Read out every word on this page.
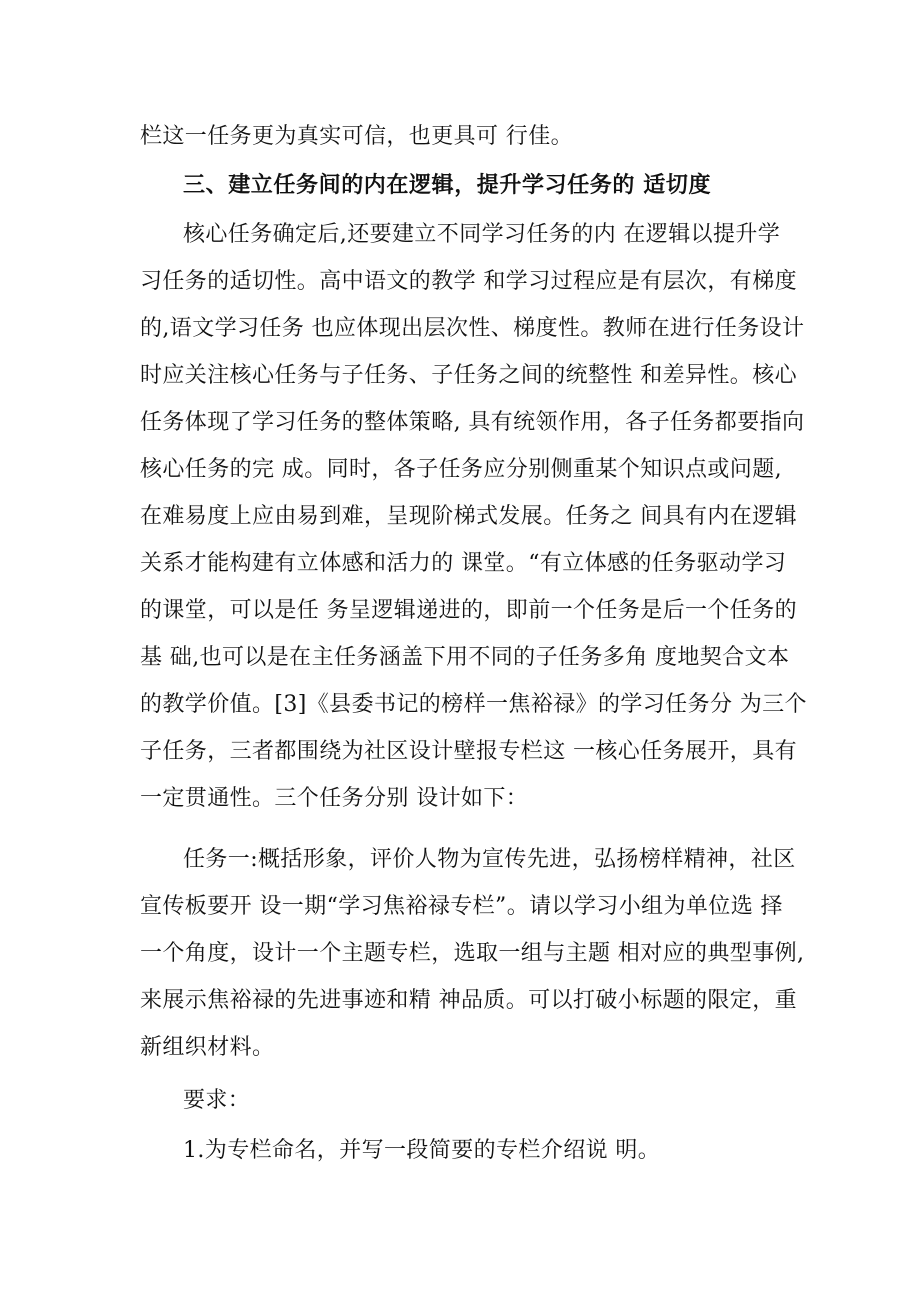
栏这一任务更为真实可信，也更具可 行佳。
三、建立任务间的内在逻辑，提升学习任务的 适切度
核心任务确定后,还要建立不同学习任务的内 在逻辑以提升学
习任务的适切性。高中语文的教学 和学习过程应是有层次，有梯度
的,语文学习任务 也应体现出层次性、梯度性。教师在进行任务设计
时应关注核心任务与子任务、子任务之间的统整性 和差异性。核心
任务体现了学习任务的整体策略, 具有统领作用，各子任务都要指向
核心任务的完 成。同时，各子任务应分别侧重某个知识点或问题,
在难易度上应由易到难，呈现阶梯式发展。任务之 间具有内在逻辑
关系才能构建有立体感和活力的 课堂。“有立体感的任务驱动学习
的课堂，可以是任 务呈逻辑递进的，即前一个任务是后一个任务的
基 础,也可以是在主任务涵盖下用不同的子任务多角 度地契合文本
的教学价值。[3]《县委书记的榜样一焦裕禄》的学习任务分 为三个
子任务，三者都围绕为社区设计壁报专栏这 一核心任务展开，具有
一定贯通性。三个任务分别 设计如下：
任务一:概括形象，评价人物为宣传先进，弘扬榜样精神，社区
宣传板要开 设一期“学习焦裕禄专栏”。请以学习小组为单位选 择
一个角度，设计一个主题专栏，选取一组与主题 相对应的典型事例,
来展示焦裕禄的先进事迹和精 神品质。可以打破小标题的限定，重
新组织材料。
要求：
1.为专栏命名，并写一段简要的专栏介绍说 明。
